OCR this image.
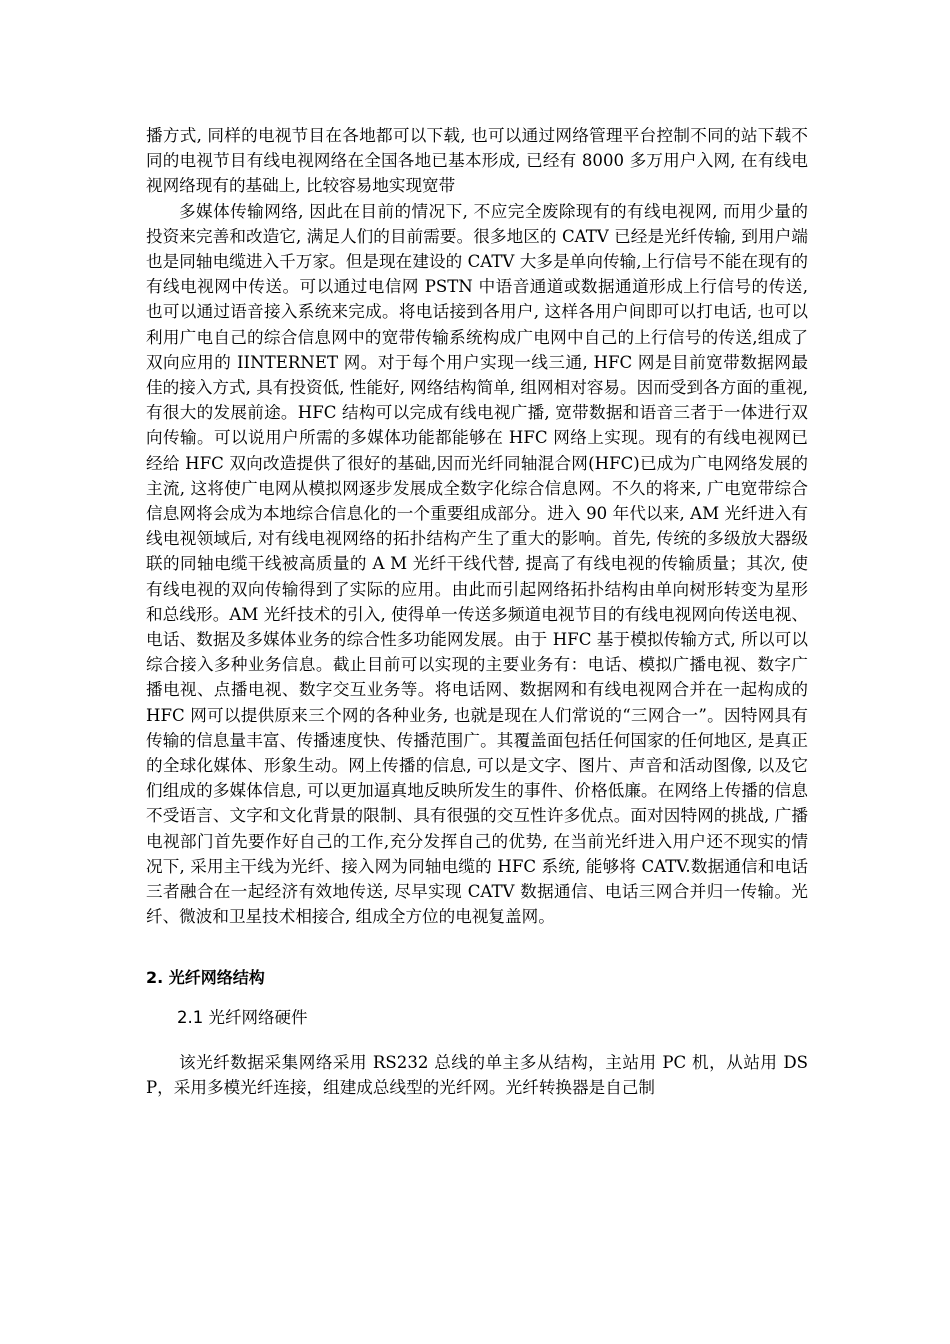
播方式, 同样的电视节目在各地都可以下载, 也可以通过网络管理平台控制不同的站下载不同的电视节目有线电视网络在全国各地已基本形成, 已经有 8000 多万用户入网, 在有线电视网络现有的基础上, 比较容易地实现宽带

多媒体传输网络, 因此在目前的情况下, 不应完全废除现有的有线电视网, 而用少量的投资来完善和改造它, 满足人们的目前需要。很多地区的 CATV 已经是光纤传输, 到用户端也是同轴电缆进入千万家。但是现在建设的 CATV 大多是单向传输,上行信号不能在现有的有线电视网中传送。可以通过电信网 PSTN 中语音通道或数据通道形成上行信号的传送, 也可以通过语音接入系统来完成。将电话接到各用户, 这样各用户间即可以打电话, 也可以利用广电自己的综合信息网中的宽带传输系统构成广电网中自己的上行信号的传送,组成了双向应用的 IINTERNET 网。对于每个用户实现一线三通, HFC 网是目前宽带数据网最佳的接入方式, 具有投资低, 性能好, 网络结构简单, 组网相对容易。因而受到各方面的重视, 有很大的发展前途。HFC 结构可以完成有线电视广播, 宽带数据和语音三者于一体进行双向传输。可以说用户所需的多媒体功能都能够在 HFC 网络上实现。现有的有线电视网已经给 HFC 双向改造提供了很好的基础,因而光纤同轴混合网(HFC)已成为广电网络发展的主流, 这将使广电网从模拟网逐步发展成全数字化综合信息网。不久的将来, 广电宽带综合信息网将会成为本地综合信息化的一个重要组成部分。进入 90 年代以来, AM 光纤进入有线电视领域后, 对有线电视网络的拓扑结构产生了重大的影响。首先, 传统的多级放大器级联的同轴电缆干线被高质量的 A M 光纤干线代替, 提高了有线电视的传输质量；其次, 使有线电视的双向传输得到了实际的应用。由此而引起网络拓扑结构由单向树形转变为星形和总线形。AM 光纤技术的引入, 使得单一传送多频道电视节目的有线电视网向传送电视、电话、数据及多媒体业务的综合性多功能网发展。由于 HFC 基于模拟传输方式, 所以可以综合接入多种业务信息。截止目前可以实现的主要业务有：电话、模拟广播电视、数字广播电视、点播电视、数字交互业务等。将电话网、数据网和有线电视网合并在一起构成的 HFC 网可以提供原来三个网的各种业务, 也就是现在人们常说的“三网合一”。因特网具有传输的信息量丰富、传播速度快、传播范围广。其覆盖面包括任何国家的任何地区, 是真正的全球化媒体、形象生动。网上传播的信息, 可以是文字、图片、声音和活动图像, 以及它们组成的多媒体信息, 可以更加逼真地反映所发生的事件、价格低廉。在网络上传播的信息不受语言、文字和文化背景的限制、具有很强的交互性许多优点。面对因特网的挑战, 广播电视部门首先要作好自己的工作,充分发挥自己的优势, 在当前光纤进入用户还不现实的情况下, 采用主干线为光纤、接入网为同轴电缆的 HFC 系统, 能够将 CATV.数据通信和电话三者融合在一起经济有效地传送, 尽早实现 CATV 数据通信、电话三网合并归一传输。光纤、微波和卫星技术相接合, 组成全方位的电视复盖网。

2. 光纤网络结构
2.1 光纤网络硬件

该光纤数据采集网络采用 RS232 总线的单主多从结构，主站用 PC 机，从站用 DSP，采用多模光纤连接，组建成总线型的光纤网。光纤转换器是自己制
